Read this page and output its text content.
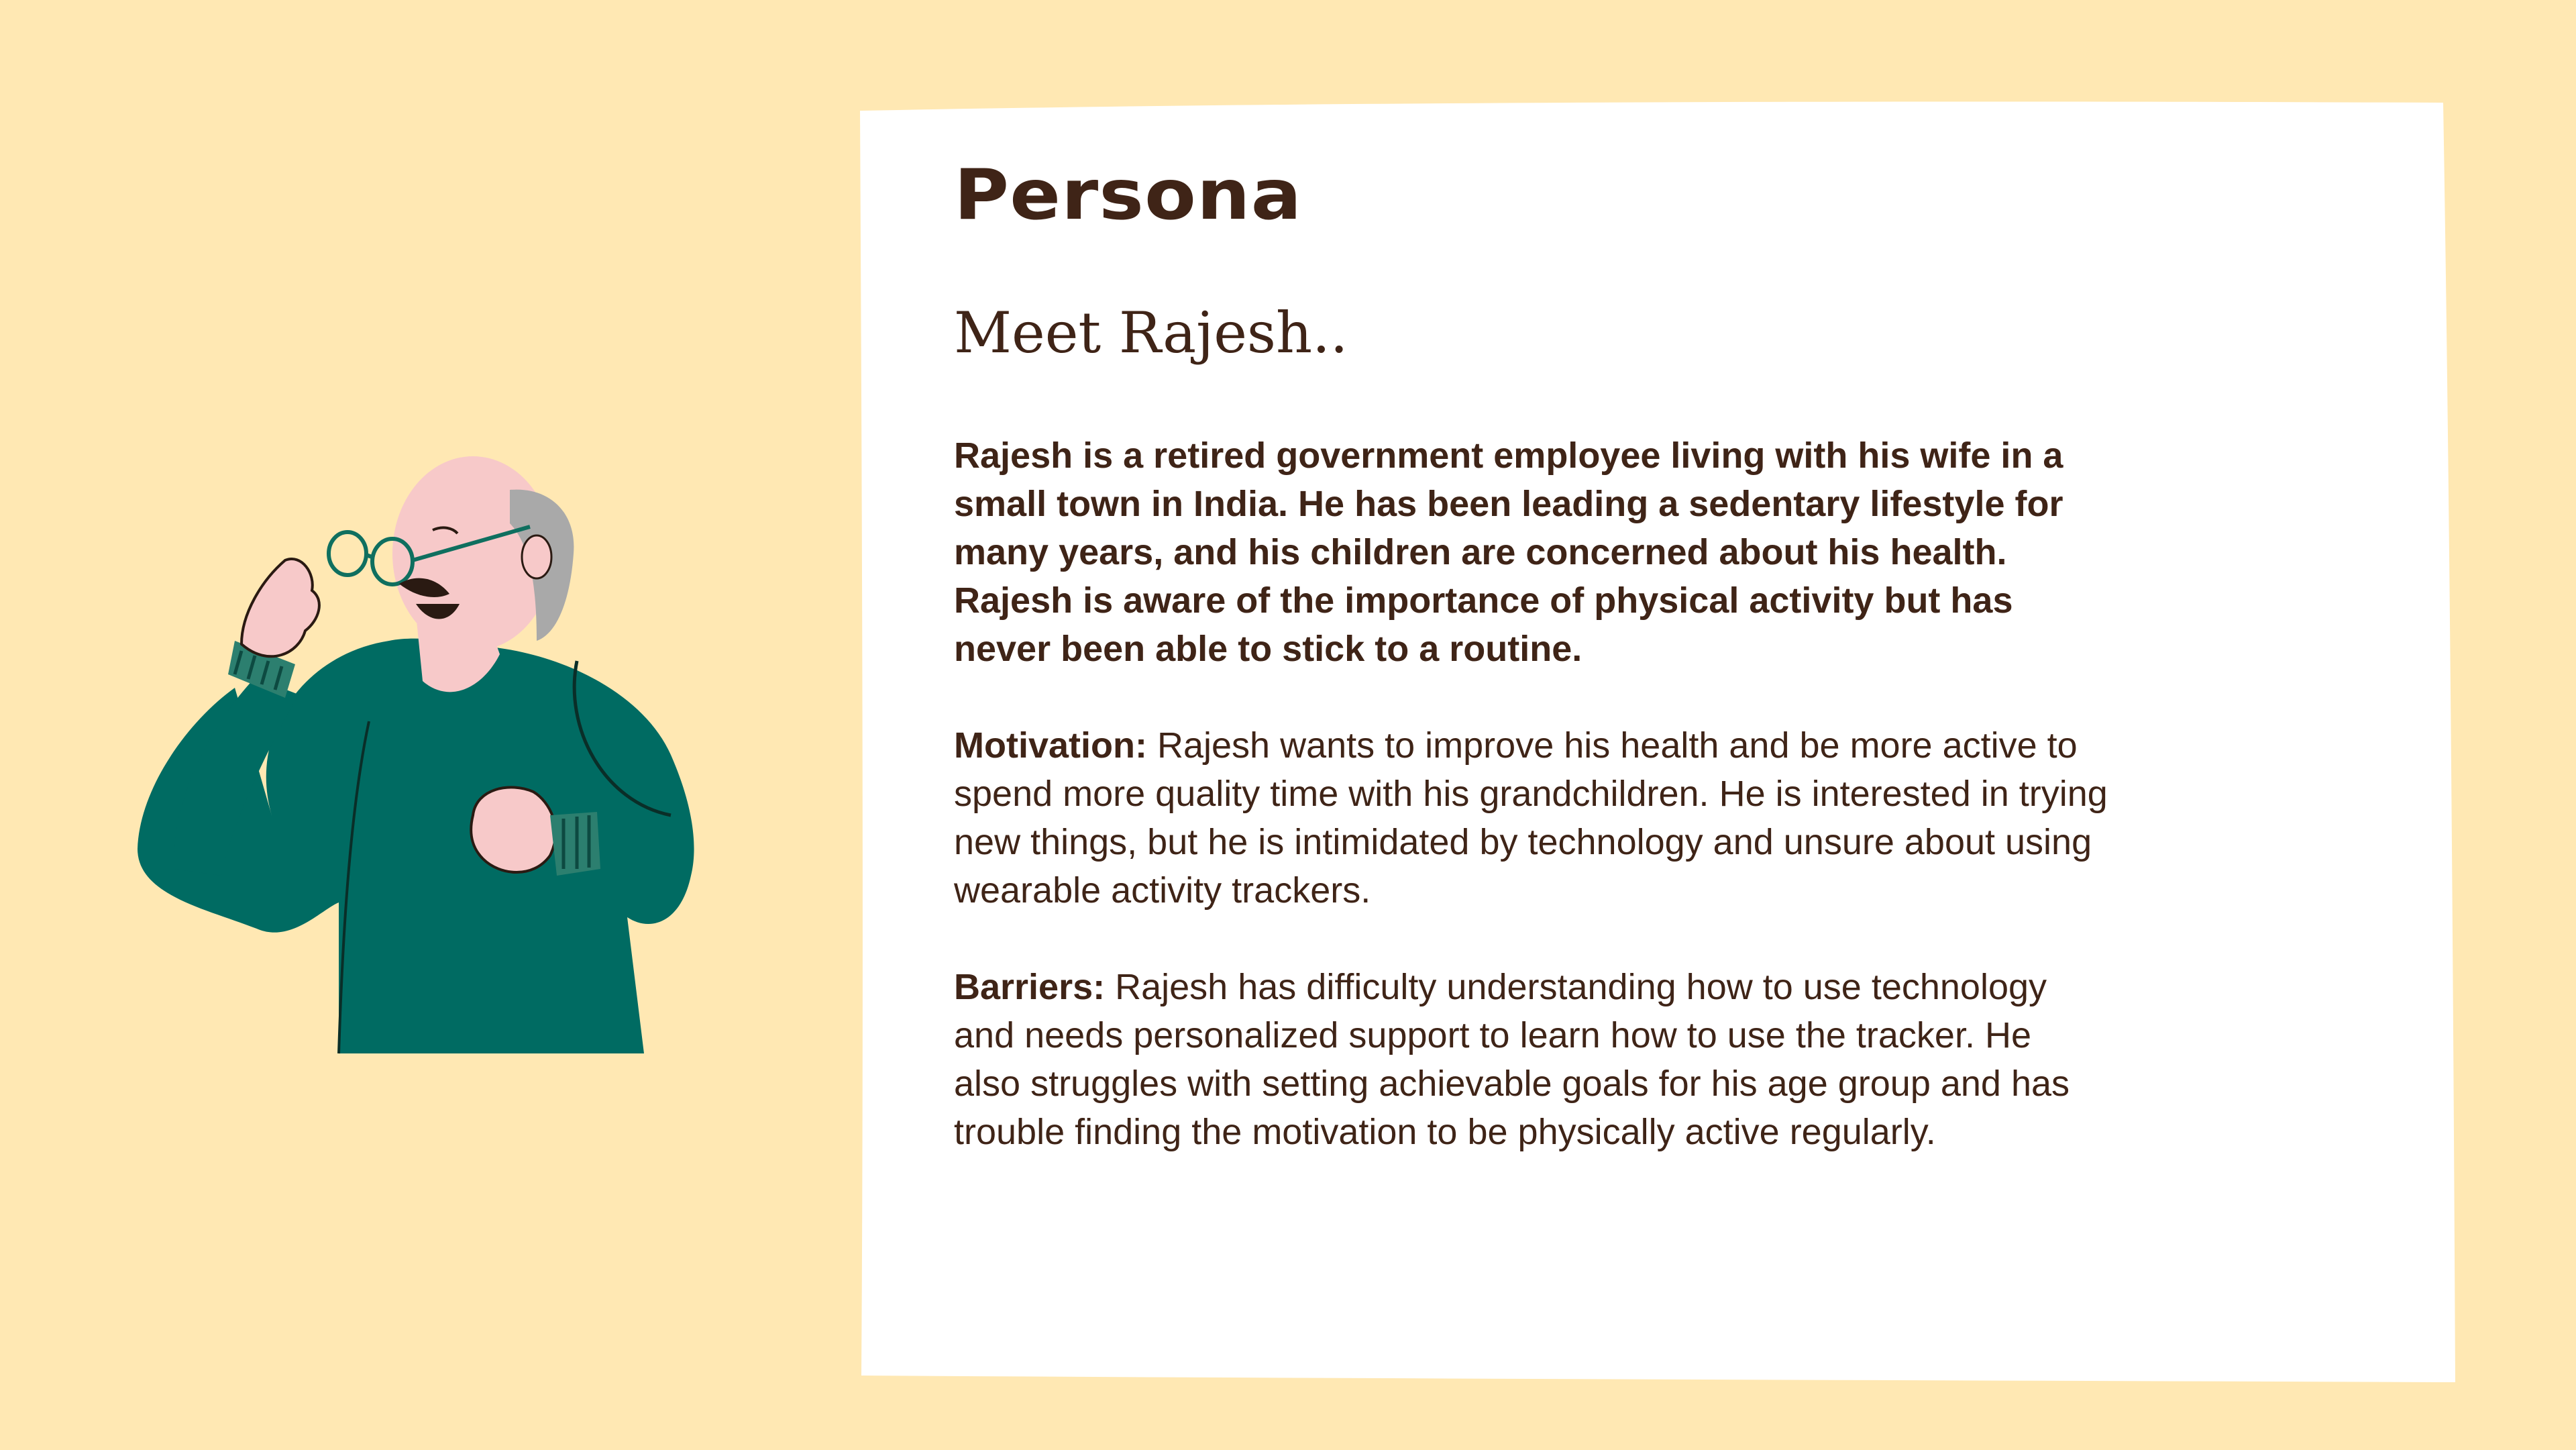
Persona
Meet Rajesh..

Rajesh is a retired government employee living with his wife in a small town in India. He has been leading a sedentary lifestyle for many years, and his children are concerned about his health. Rajesh is aware of the importance of physical activity but has never been able to stick to a routine.

Motivation: Rajesh wants to improve his health and be more active to spend more quality time with his grandchildren. He is interested in trying new things, but he is intimidated by technology and unsure about using wearable activity trackers.

Barriers: Rajesh has difficulty understanding how to use technology and needs personalized support to learn how to use the tracker. He also struggles with setting achievable goals for his age group and has trouble finding the motivation to be physically active regularly.
